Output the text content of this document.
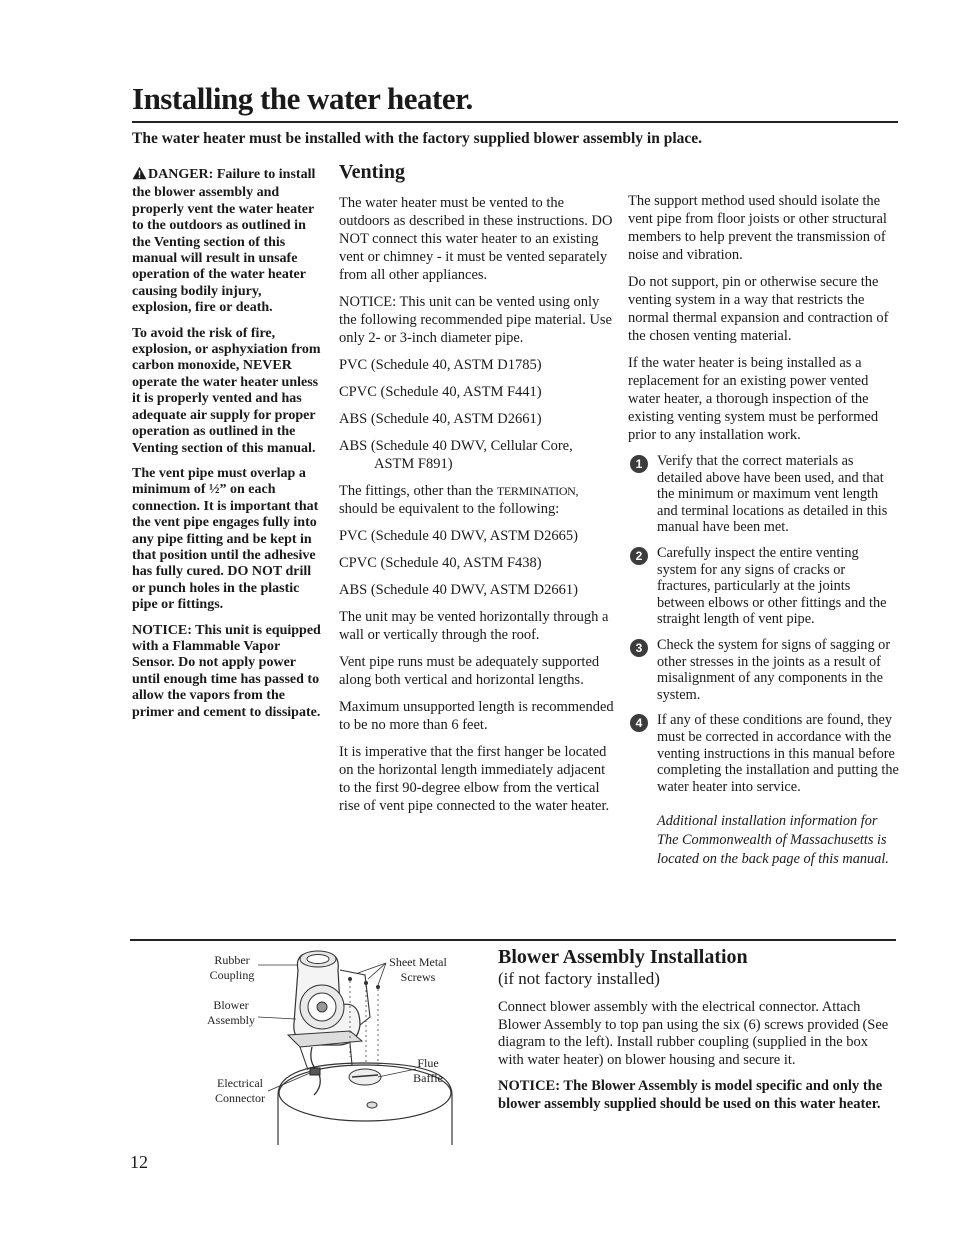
Installing the water heater.
The water heater must be installed with the factory supplied blower assembly in place.

DANGER: Failure to install the blower assembly and properly vent the water heater to the outdoors as outlined in the Venting section of this manual will result in unsafe operation of the water heater causing bodily injury, explosion, fire or death.

To avoid the risk of fire, explosion, or asphyxiation from carbon monoxide, NEVER operate the water heater unless it is properly vented and has adequate air supply for proper operation as outlined in the Venting section of this manual.

The vent pipe must overlap a minimum of ½” on each connection. It is important that the vent pipe engages fully into any pipe fitting and be kept in that position until the adhesive has fully cured. DO NOT drill or punch holes in the plastic pipe or fittings.

NOTICE: This unit is equipped with a Flammable Vapor Sensor. Do not apply power until enough time has passed to allow the vapors from the primer and cement to dissipate.

Venting

The water heater must be vented to the outdoors as described in these instructions. DO NOT connect this water heater to an existing vent or chimney - it must be vented separately from all other appliances.

NOTICE: This unit can be vented using only the following recommended pipe material. Use only 2- or 3-inch diameter pipe.

PVC (Schedule 40, ASTM D1785)

CPVC (Schedule 40, ASTM F441)

ABS (Schedule 40, ASTM D2661)

ABS (Schedule 40 DWV, Cellular Core, ASTM F891)

The fittings, other than the TERMINATION, should be equivalent to the following:

PVC (Schedule 40 DWV, ASTM D2665)

CPVC (Schedule 40, ASTM F438)

ABS (Schedule 40 DWV, ASTM D2661)

The unit may be vented horizontally through a wall or vertically through the roof.

Vent pipe runs must be adequately supported along both vertical and horizontal lengths.

Maximum unsupported length is recommended to be no more than 6 feet.

It is imperative that the first hanger be located on the horizontal length immediately adjacent to the first 90-degree elbow from the vertical rise of vent pipe connected to the water heater.

The support method used should isolate the vent pipe from floor joists or other structural members to help prevent the transmission of noise and vibration.

Do not support, pin or otherwise secure the venting system in a way that restricts the normal thermal expansion and contraction of the chosen venting material.

If the water heater is being installed as a replacement for an existing power vented water heater, a thorough inspection of the existing venting system must be performed prior to any installation work.

1	Verify that the correct materials as detailed above have been used, and that the minimum or maximum vent length and terminal locations as detailed in this manual have been met.
2	Carefully inspect the entire venting system for any signs of cracks or fractures, particularly at the joints between elbows or other fittings and the straight length of vent pipe.
3	Check the system for signs of sagging or other stresses in the joints as a result of misalignment of any components in the system.
4	If any of these conditions are found, they must be corrected in accordance with the venting instructions in this manual before completing the installation and putting the water heater into service.
Additional installation information for The Commonwealth of Massachusetts is located on the back page of this manual.
Rubber Coupling
Sheet Metal Screws
Blower Assembly
Flue Baffle
Electrical Connector
Blower Assembly Installation
(if not factory installed)

Connect blower assembly with the electrical connector. Attach Blower Assembly to top pan using the six (6) screws provided (See diagram to the left). Install rubber coupling (supplied in the box with water heater) on blower housing and secure it.

NOTICE: The Blower Assembly is model specific and only the blower assembly supplied should be used on this water heater.

12
